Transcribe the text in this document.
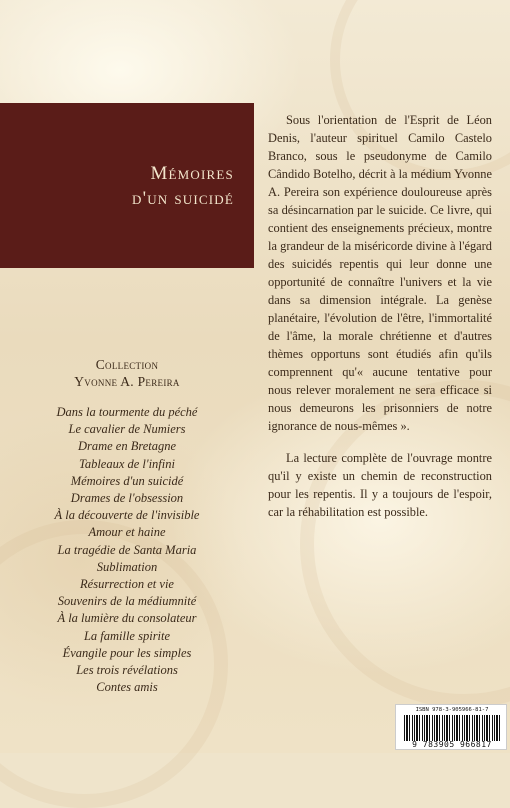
Mémoires
d'un suicidé
Collection
Yvonne A. Pereira
Dans la tourmente du péché
Le cavalier de Numiers
Drame en Bretagne
Tableaux de l'infini
Mémoires d'un suicidé
Drames de l'obsession
À la découverte de l'invisible
Amour et haine
La tragédie de Santa Maria
Sublimation
Résurrection et vie
Souvenirs de la médiumnité
À la lumière du consolateur
La famille spirite
Évangile pour les simples
Les trois révélations
Contes amis

Sous l'orientation de l'Esprit de Léon Denis, l'auteur spirituel Camilo Castelo Branco, sous le pseudonyme de Camilo Cândido Botelho, décrit à la médium Yvonne A. Pereira son expérience douloureuse après sa désincarnation par le suicide. Ce livre, qui contient des enseignements précieux, montre la grandeur de la miséricorde divine à l'égard des suicidés repentis qui leur donne une opportunité de connaître l'univers et la vie dans sa dimension intégrale. La genèse planétaire, l'évolution de l'être, l'immortalité de l'âme, la morale chrétienne et d'autres thèmes opportuns sont étudiés afin qu'ils comprennent qu'« aucune tentative pour nous relever moralement ne sera efficace si nous demeurons les prisonniers de notre ignorance de nous-mêmes ».

La lecture complète de l'ouvrage montre qu'il y existe un chemin de reconstruction pour les repentis. Il y a toujours de l'espoir, car la réhabilitation est possible.

ISBN 978-3-905966-81-7
9 783905 966817
